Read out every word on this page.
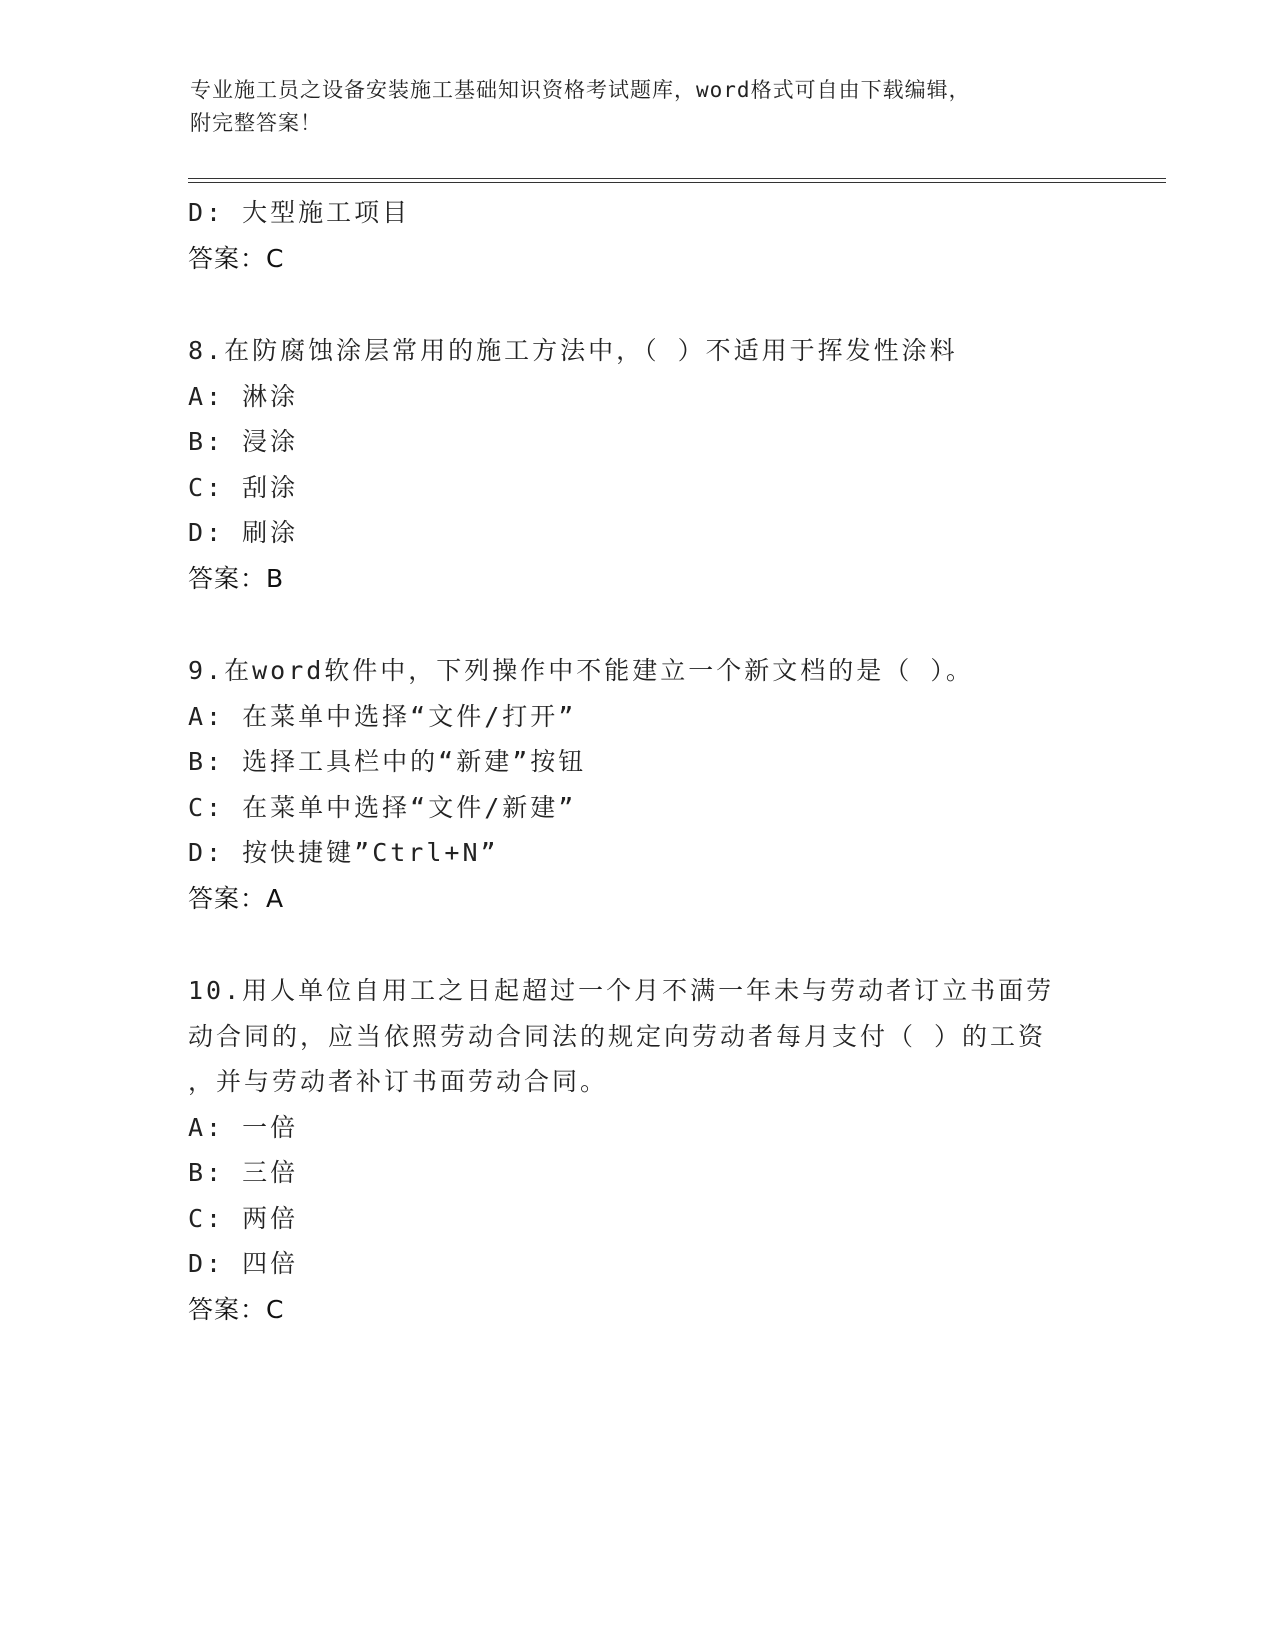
专业施工员之设备安装施工基础知识资格考试题库，word格式可自由下载编辑，
附完整答案！
D: 大型施工项目
答案：C
8.在防腐蚀涂层常用的施工方法中，（ ）不适用于挥发性涂料
A: 淋涂
B: 浸涂
C: 刮涂
D: 刷涂
答案：B
9.在word软件中，下列操作中不能建立一个新文档的是（ ）。
A: 在菜单中选择“文件/打开”
B: 选择工具栏中的“新建”按钮
C: 在菜单中选择“文件/新建”
D: 按快捷键”Ctrl+N”
答案：A
10.用人单位自用工之日起超过一个月不满一年未与劳动者订立书面劳
动合同的，应当依照劳动合同法的规定向劳动者每月支付（ ）的工资
，并与劳动者补订书面劳动合同。
A: 一倍
B: 三倍
C: 两倍
D: 四倍
答案：C
